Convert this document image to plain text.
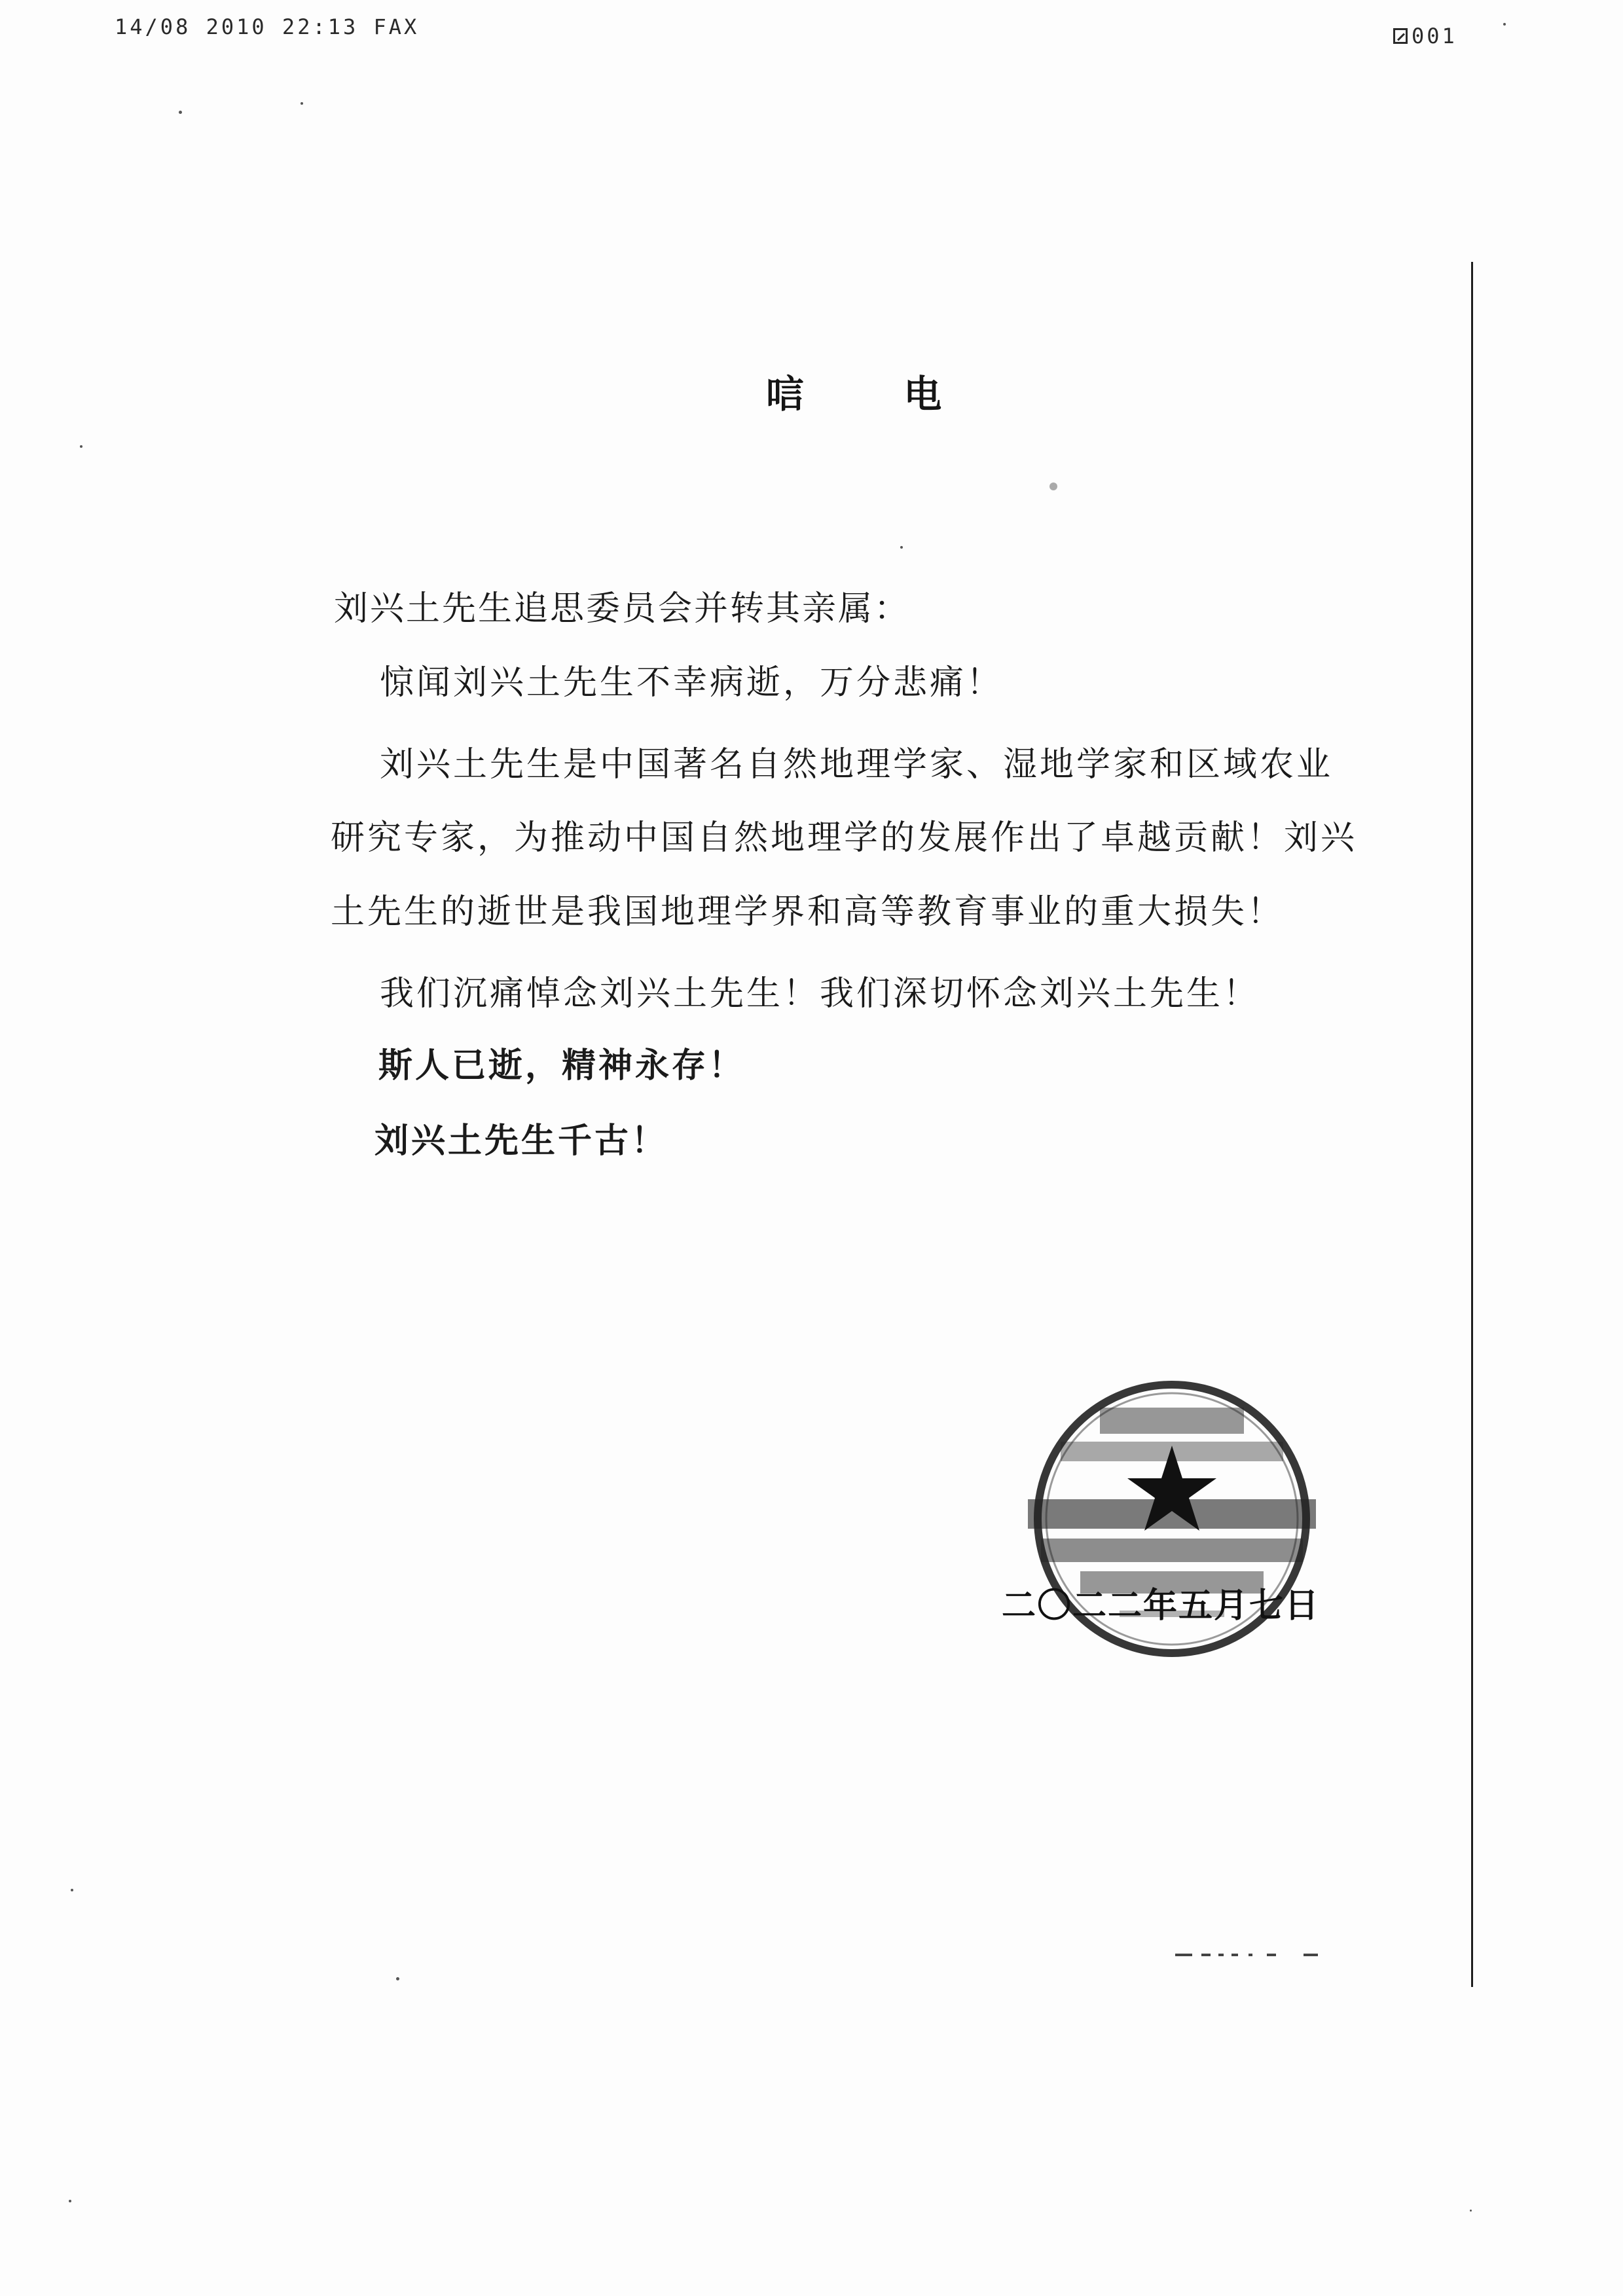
14/08 2010 22:13 FAX	001
唁 电
刘兴土先生追思委员会并转其亲属：
惊闻刘兴土先生不幸病逝，万分悲痛！
刘兴土先生是中国著名自然地理学家、湿地学家和区域农业
研究专家，为推动中国自然地理学的发展作出了卓越贡献！刘兴
土先生的逝世是我国地理学界和高等教育事业的重大损失！
我们沉痛悼念刘兴土先生！我们深切怀念刘兴土先生！
斯人已逝，精神永存！
刘兴土先生千古！
二〇二二年五月七日
